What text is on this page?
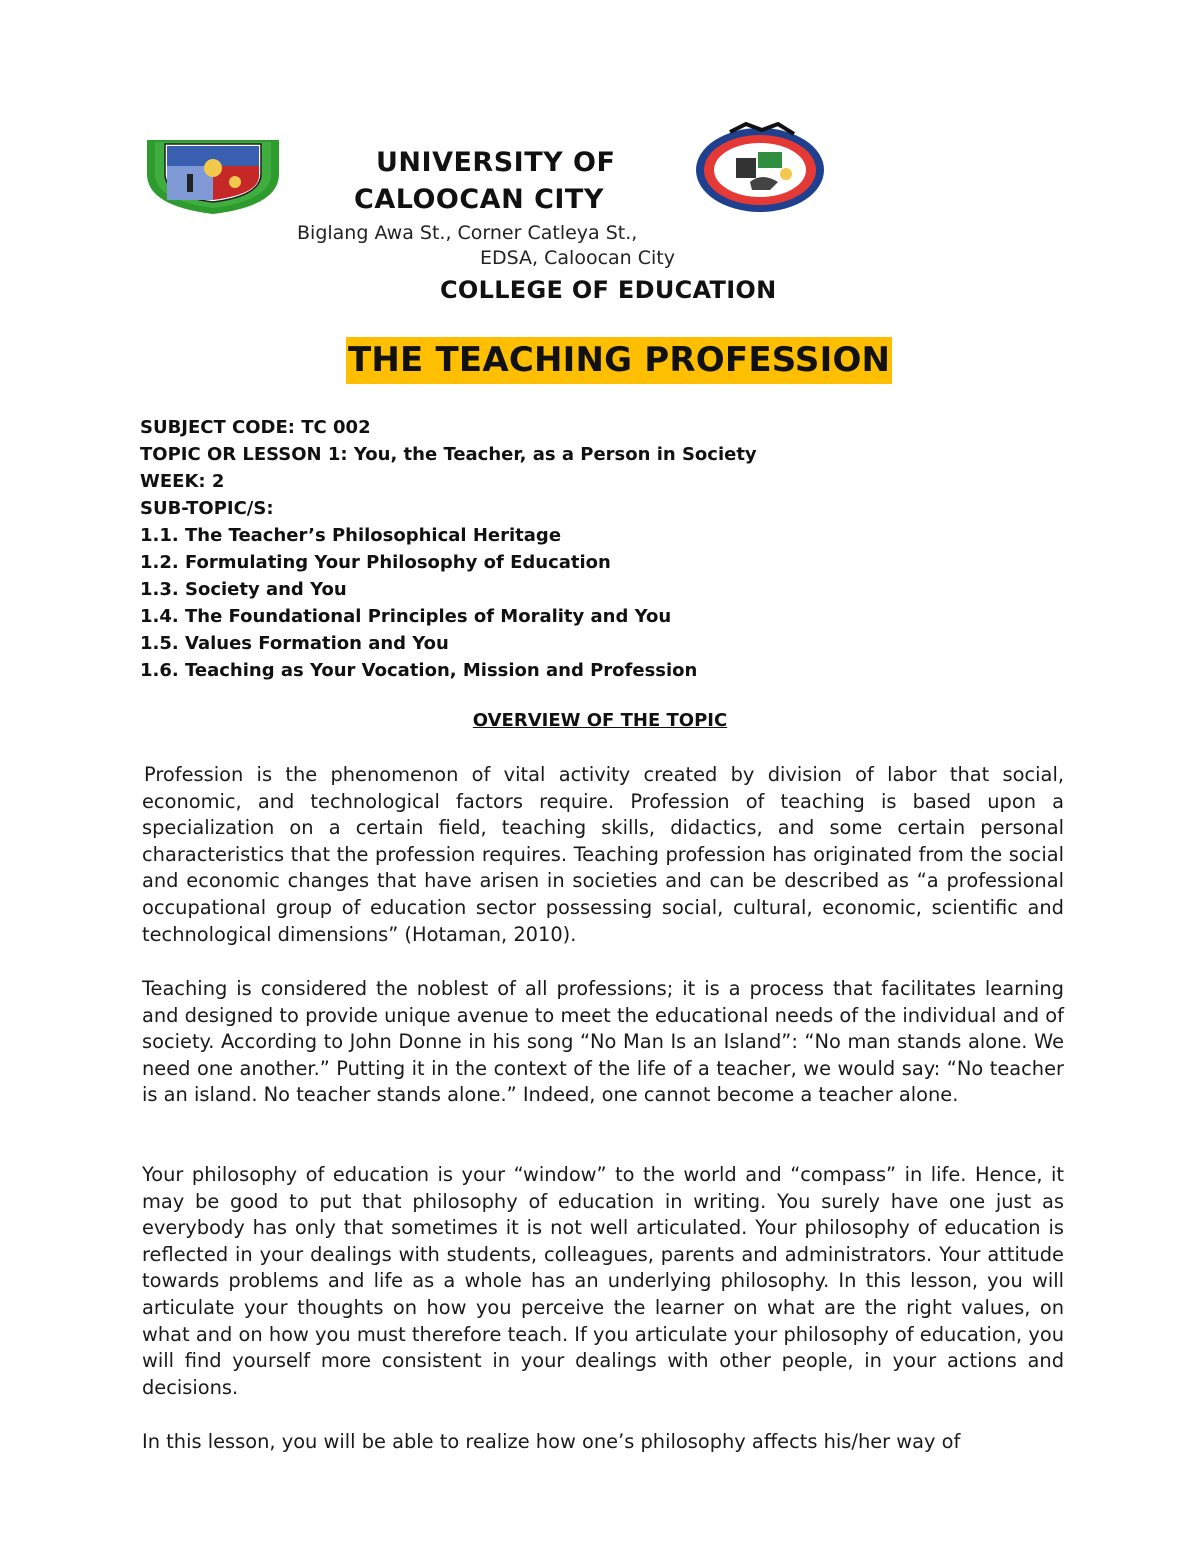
UNIVERSITY OF
CALOOCAN CITY
Biglang Awa St., Corner Catleya St.,
EDSA, Caloocan City
COLLEGE OF EDUCATION
THE TEACHING PROFESSION
SUBJECT CODE: TC 002
TOPIC OR LESSON 1: You, the Teacher, as a Person in Society
WEEK: 2
SUB-TOPIC/S:
1.1. The Teacher’s Philosophical Heritage
1.2. Formulating Your Philosophy of Education
1.3. Society and You
1.4. The Foundational Principles of Morality and You
1.5. Values Formation and You
1.6. Teaching as Your Vocation, Mission and Profession
OVERVIEW OF THE TOPIC

Profession is the phenomenon of vital activity created by division of labor that social, economic, and technological factors require. Profession of teaching is based upon a specialization on a certain field, teaching skills, didactics, and some certain personal characteristics that the profession requires. Teaching profession has originated from the social and economic changes that have arisen in societies and can be described as “a professional occupational group of education sector possessing social, cultural, economic, scientific and technological dimensions” (Hotaman, 2010).

Teaching is considered the noblest of all professions; it is a process that facilitates learning and designed to provide unique avenue to meet the educational needs of the individual and of society. According to John Donne in his song “No Man Is an Island”: “No man stands alone. We need one another.” Putting it in the context of the life of a teacher, we would say: “No teacher is an island. No teacher stands alone.” Indeed, one cannot become a teacher alone.

Your philosophy of education is your “window” to the world and “compass” in life. Hence, it may be good to put that philosophy of education in writing. You surely have one just as everybody has only that sometimes it is not well articulated. Your philosophy of education is reflected in your dealings with students, colleagues, parents and administrators. Your attitude towards problems and life as a whole has an underlying philosophy. In this lesson, you will articulate your thoughts on how you perceive the learner on what are the right values, on what and on how you must therefore teach. If you articulate your philosophy of education, you will find yourself more consistent in your dealings with other people, in your actions and decisions.

In this lesson, you will be able to realize how one’s philosophy affects his/her way of
